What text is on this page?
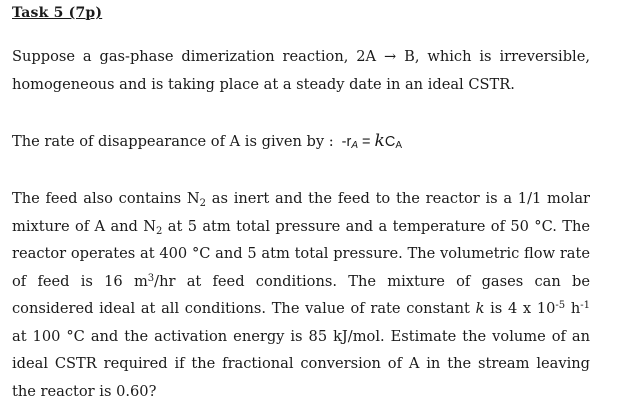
Task 5 (7p)
Suppose a gas-phase dimerization reaction, 2A → B, which is irreversible, homogeneous and is taking place at a steady date in an ideal CSTR.
The rate of disappearance of A is given by : -rA = kCA
The feed also contains $N_2$ as inert and the feed to the reactor is a 1/1 molar mixture of A and $N_2$ at 5 atm total pressure and a temperature of 50 °C. The reactor operates at 400 °C and 5 atm total pressure. The volumetric flow rate of feed is 16 $m^3/hr$ at feed conditions. The mixture of gases can be considered ideal at all conditions. The value of rate constant k is 4 x $10^{-5}$ $h^{-1}$ at 100 °C and the activation energy is 85 kJ/mol. Estimate the volume of an ideal CSTR required if the fractional conversion of A in the stream leaving the reactor is 0.60?
